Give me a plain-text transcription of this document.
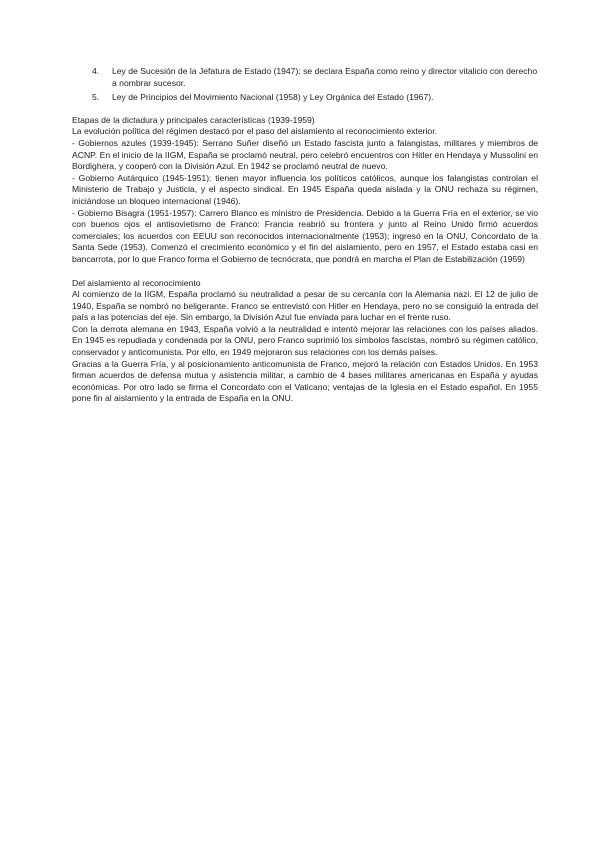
4. Ley de Sucesión de la Jefatura de Estado (1947): se declara España como reino y director vitalicio con derecho a nombrar sucesor.
5. Ley de Principios del Movimiento Nacional (1958) y Ley Orgánica del Estado (1967).
Etapas de la dictadura y principales características (1939-1959)

La evolución política del régimen destacó por el paso del aislamiento al reconocimiento exterior.

- Gobiernos azules (1939-1945): Serrano Suñer diseñó un Estado fascista junto a falangistas, militares y miembros de ACNP. En el inicio de la IIGM, España se proclamó neutral, pero celebró encuentros con Hitler en Hendaya y Mussolini en Bordighera, y cooperó con la División Azul. En 1942 se proclamó neutral de nuevo.

- Gobierno Autárquico (1945-1951): tienen mayor influencia los políticos católicos, aunque los falangistas controlan el Ministerio de Trabajo y Justicia, y el aspecto sindical. En 1945 España queda aislada y la ONU rechaza su régimen, iniciándose un bloqueo internacional (1946).

- Gobierno Bisagra (1951-1957): Carrero Blanco es ministro de Presidencia. Debido a la Guerra Fría en el exterior, se vio con buenos ojos el antisovietismo de Franco: Francia reabrió su frontera y junto al Reino Unido firmó acuerdos comerciales; los acuerdos con EEUU son reconocidos internacionalmente (1953); ingresó en la ONU, Concordato de la Santa Sede (1953). Comenzó el crecimiento económico y el fin del aislamiento, pero en 1957, el Estado estaba casi en bancarrota, por lo que Franco forma el Gobierno de tecnócrata, que pondrá en marcha el Plan de Estabilización (1959)

Del aislamiento al reconocimiento

Al comienzo de la IIGM, España proclamó su neutralidad a pesar de su cercanía con la Alemania nazi. El 12 de julio de 1940, España se nombró no beligerante. Franco se entrevistó con Hitler en Hendaya, pero no se consiguió la entrada del país a las potencias del eje. Sin embargo, la División Azul fue enviada para luchar en el frente ruso.

Con la derrota alemana en 1943, España volvió a la neutralidad e intentó mejorar las relaciones con los países aliados. En 1945 es repudiada y condenada por la ONU, pero Franco suprimió los símbolos fascistas, nombró su régimen católico, conservador y anticomunista. Por ello, en 1949 mejoraron sus relaciones con los demás países.

Gracias a la Guerra Fría, y al posicionamiento anticomunista de Franco, mejoró la relación con Estados Unidos. En 1953 firman acuerdos de defensa mutua y asistencia militar, a cambio de 4 bases militares americanas en España y ayudas económicas. Por otro lado se firma el Concordato con el Vaticano; ventajas de la Iglesia en el Estado español. En 1955 pone fin al aislamiento y la entrada de España en la ONU.
